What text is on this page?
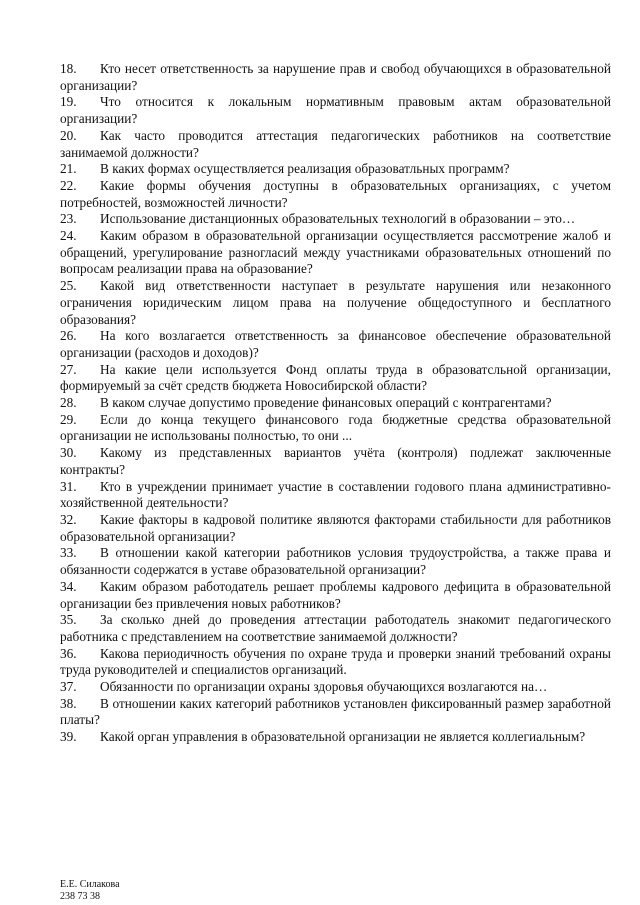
18. Кто несет ответственность за нарушение прав и свобод обучающихся в образовательной организации?

19. Что относится к локальным нормативным правовым актам образовательной организации?

20. Как часто проводится аттестация педагогических работников на соответствие занимаемой должности?

21. В каких формах осуществляется реализация образоватльных программ?

22. Какие формы обучения доступны в образовательных организациях, с учетом потребностей, возможностей личности?

23. Использование дистанционных образовательных технологий в образовании – это…

24. Каким образом в образовательной организации осуществляется рассмотрение жалоб и обращений, урегулирование разногласий между участниками образовательных отношений по вопросам реализации права на образование?

25. Какой вид ответственности наступает в результате нарушения или незаконного ограничения юридическим лицом права на получение общедоступного и бесплатного образования?

26. На кого возлагается ответственность за финансовое обеспечение образовательной организации (расходов и доходов)?

27. На какие цели используется Фонд оплаты труда в образоватсльной организации, формируемый за счёт средств бюджета Новосибирской области?

28. В каком случае допустимо проведение финансовых операций с контрагентами?

29. Если до конца текущего финансового года бюджетные средства образовательной организации не использованы полностью, то они ...

30. Какому из представленных вариантов учёта (контроля) подлежат заключенные контракты?

31. Кто в учреждении принимает участие в составлении годового плана административно-хозяйственной деятельности?

32. Какие факторы в кадровой политике являются факторами стабильности для работников образовательной организации?

33. В отношении какой категории работников условия трудоустройства, а также права и обязанности содержатся в уставе образовательной организации?

34. Каким образом работодатель решает проблемы кадрового дефицита в образовательной организации без привлечения новых работников?

35. За сколько дней до проведения аттестации работодатель знакомит педагогического работника с представлением на соответствие занимаемой должности?

36. Какова периодичность обучения по охране труда и проверки знаний требований охраны труда руководителей и специалистов организаций.

37. Обязанности по организации охраны здоровья обучающихся возлагаются на…

38. В отношении каких категорий работников установлен фиксированный размер заработной платы?

39. Какой орган управления в образовательной организации не является коллегиальным?

Е.Е. Силакова
238 73 38
